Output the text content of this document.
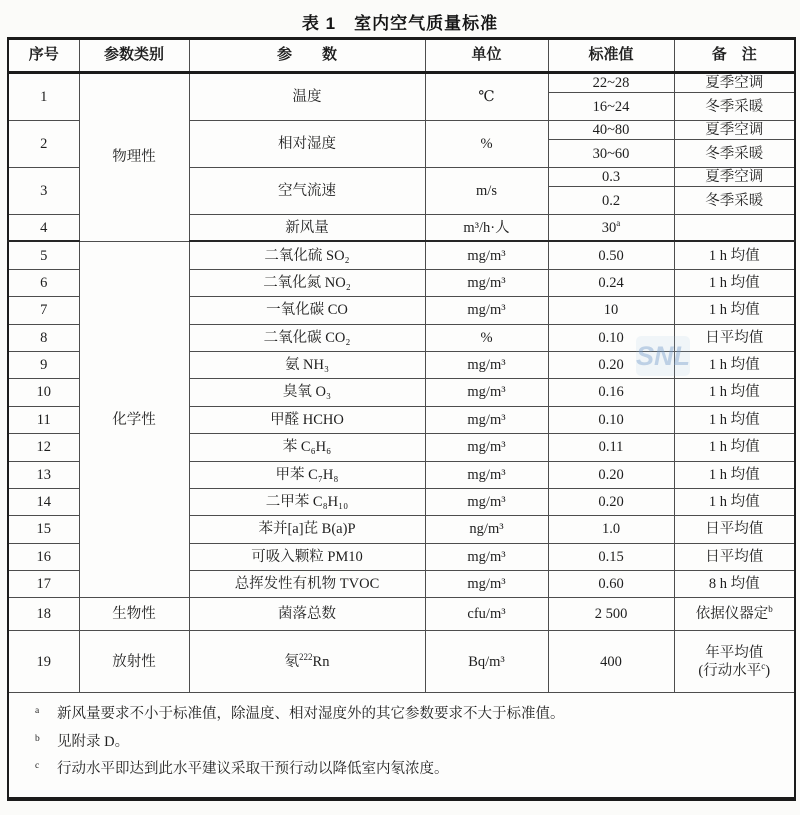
表 1　室内空气质量标准
序号	参数类别	参　　数	单位	标准值	备　注
1	物理性	温度	℃	22~28	夏季空调
				16~24	冬季采暖
2		相对湿度	%	40~80	夏季空调
				30~60	冬季采暖
3		空气流速	m/s	0.3	夏季空调
				0.2	冬季采暖
4		新风量	m³/h·人	30$^a$	
5	化学性	二氧化硫 SO₂	mg/m³	0.50	1 h 均值
6		二氧化氮 NO₂	mg/m³	0.24	1 h 均值
7		一氧化碳 CO	mg/m³	10	1 h 均值
8		二氧化碳 CO₂	%	0.10	日平均值
9		氨 NH₃	mg/m³	0.20	1 h 均值
10		臭氧 O₃	mg/m³	0.16	1 h 均值
11		甲醛 HCHO	mg/m³	0.10	1 h 均值
12		苯 C₆H₆	mg/m³	0.11	1 h 均值
13		甲苯 C₇H₈	mg/m³	0.20	1 h 均值
14		二甲苯 C₈H₁₀	mg/m³	0.20	1 h 均值
15		苯并[a]芘 B(a)P	ng/m³	1.0	日平均值
16		可吸入颗粒 PM10	mg/m³	0.15	日平均值
17		总挥发性有机物 TVOC	mg/m³	0.60	8 h 均值
18	生物性	菌落总数	cfu/m³	2 500	依据仪器定$^b$
19	放射性	氡$^{222}$Rn	Bq/m³	400	年平均值
(行动水平$^c$)

a	新风量要求不小于标准值，除温度、相对湿度外的其它参数要求不大于标准值。
b	见附录 D。
c	行动水平即达到此水平建议采取干预行动以降低室内氡浓度。
SNL
